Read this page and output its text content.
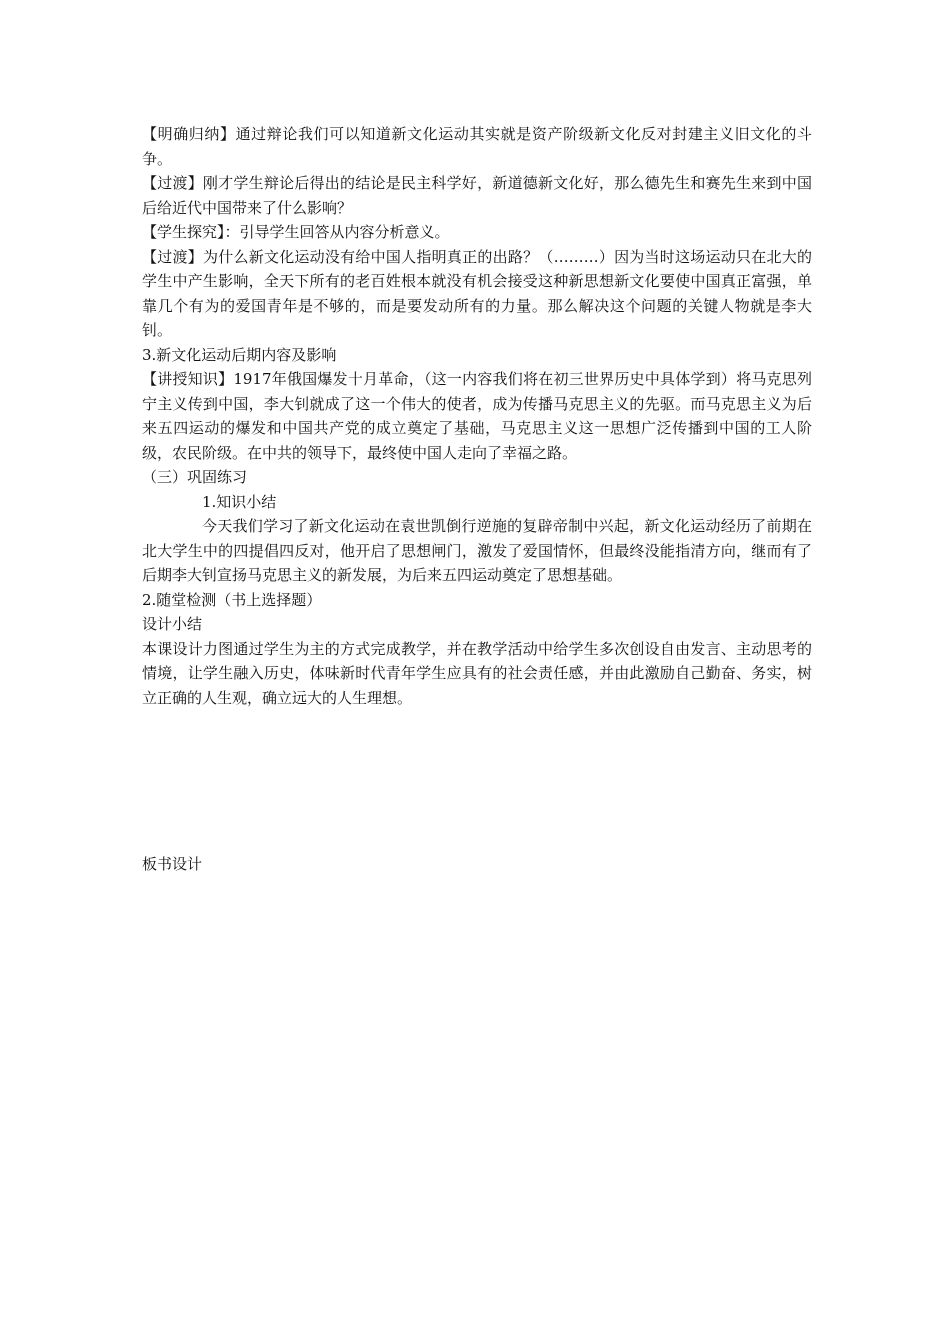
【明确归纳】通过辩论我们可以知道新文化运动其实就是资产阶级新文化反对封建主义旧文化的斗争。

【过渡】刚才学生辩论后得出的结论是民主科学好，新道德新文化好，那么德先生和赛先生来到中国后给近代中国带来了什么影响？

【学生探究】：引导学生回答从内容分析意义。

【过渡】为什么新文化运动没有给中国人指明真正的出路？（………）因为当时这场运动只在北大的学生中产生影响，全天下所有的老百姓根本就没有机会接受这种新思想新文化要使中国真正富强，单靠几个有为的爱国青年是不够的，而是要发动所有的力量。那么解决这个问题的关键人物就是李大钊。

3.新文化运动后期内容及影响

【讲授知识】1917年俄国爆发十月革命，（这一内容我们将在初三世界历史中具体学到）将马克思列宁主义传到中国，李大钊就成了这一个伟大的使者，成为传播马克思主义的先驱。而马克思主义为后来五四运动的爆发和中国共产党的成立奠定了基础，马克思主义这一思想广泛传播到中国的工人阶级，农民阶级。在中共的领导下，最终使中国人走向了幸福之路。

（三）巩固练习

1.知识小结

今天我们学习了新文化运动在袁世凯倒行逆施的复辟帝制中兴起，新文化运动经历了前期在北大学生中的四提倡四反对，他开启了思想闸门，激发了爱国情怀，但最终没能指清方向，继而有了后期李大钊宣扬马克思主义的新发展，为后来五四运动奠定了思想基础。

2.随堂检测（书上选择题）

设计小结

本课设计力图通过学生为主的方式完成教学，并在教学活动中给学生多次创设自由发言、主动思考的情境，让学生融入历史，体味新时代青年学生应具有的社会责任感，并由此激励自己勤奋、务实，树立正确的人生观，确立远大的人生理想。

板书设计
